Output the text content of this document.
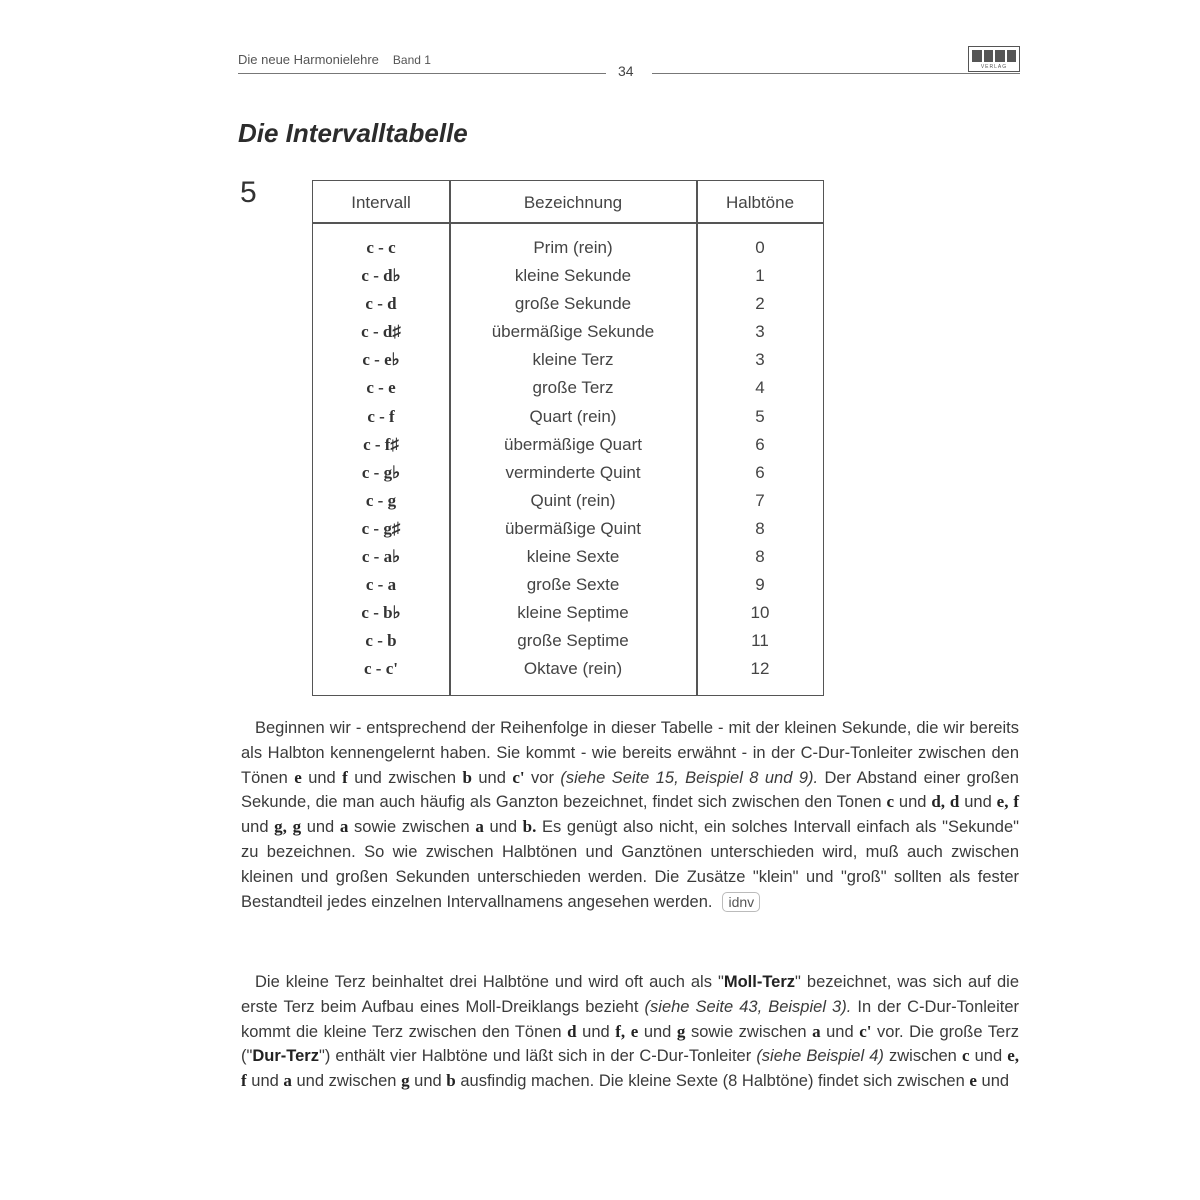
Die neue Harmonielehre Band 1
34	VERLAG
Die Intervalltabelle
5	Intervall	Bezeichnung	Halbtöne
c - c	Prim (rein)	0
c - d♭	kleine Sekunde	1
c - d	große Sekunde	2
c - d♯	übermäßige Sekunde	3
c - e♭	kleine Terz	3
c - e	große Terz	4
c - f	Quart (rein)	5
c - f♯	übermäßige Quart	6
c - g♭	verminderte Quint	6
c - g	Quint (rein)	7
c - g♯	übermäßige Quint	8
c - a♭	kleine Sexte	8
c - a	große Sexte	9
c - b♭	kleine Septime	10
c - b	große Septime	11
c - c'	Oktave (rein)	12

Beginnen wir - entsprechend der Reihenfolge in dieser Tabelle - mit der kleinen Sekunde, die wir bereits als Halbton kennengelernt haben. Sie kommt - wie bereits erwähnt - in der C-Dur-Tonleiter zwischen den Tönen e und f und zwischen b und c' vor (siehe Seite 15, Beispiel 8 und 9). Der Abstand einer großen Sekunde, die man auch häufig als Ganzton bezeichnet, findet sich zwischen den Tonen c und d, d und e, f und g, g und a sowie zwischen a und b. Es genügt also nicht, ein solches Intervall einfach als "Sekunde" zu bezeichnen. So wie zwischen Halbtönen und Ganztönen unterschieden wird, muß auch zwischen kleinen und großen Sekunden unterschieden werden. Die Zusätze "klein" und "groß" sollten als fester Bestandteil jedes einzelnen Intervallnamens angesehen werden. idnv

Die kleine Terz beinhaltet drei Halbtöne und wird oft auch als "Moll-Terz" bezeichnet, was sich auf die erste Terz beim Aufbau eines Moll-Dreiklangs bezieht (siehe Seite 43, Beispiel 3). In der C-Dur-Tonleiter kommt die kleine Terz zwischen den Tönen d und f, e und g sowie zwischen a und c' vor. Die große Terz ("Dur-Terz") enthält vier Halbtöne und läßt sich in der C-Dur-Tonleiter (siehe Beispiel 4) zwischen c und e, f und a und zwischen g und b ausfindig machen. Die kleine Sexte (8 Halbtöne) findet sich zwischen e und
